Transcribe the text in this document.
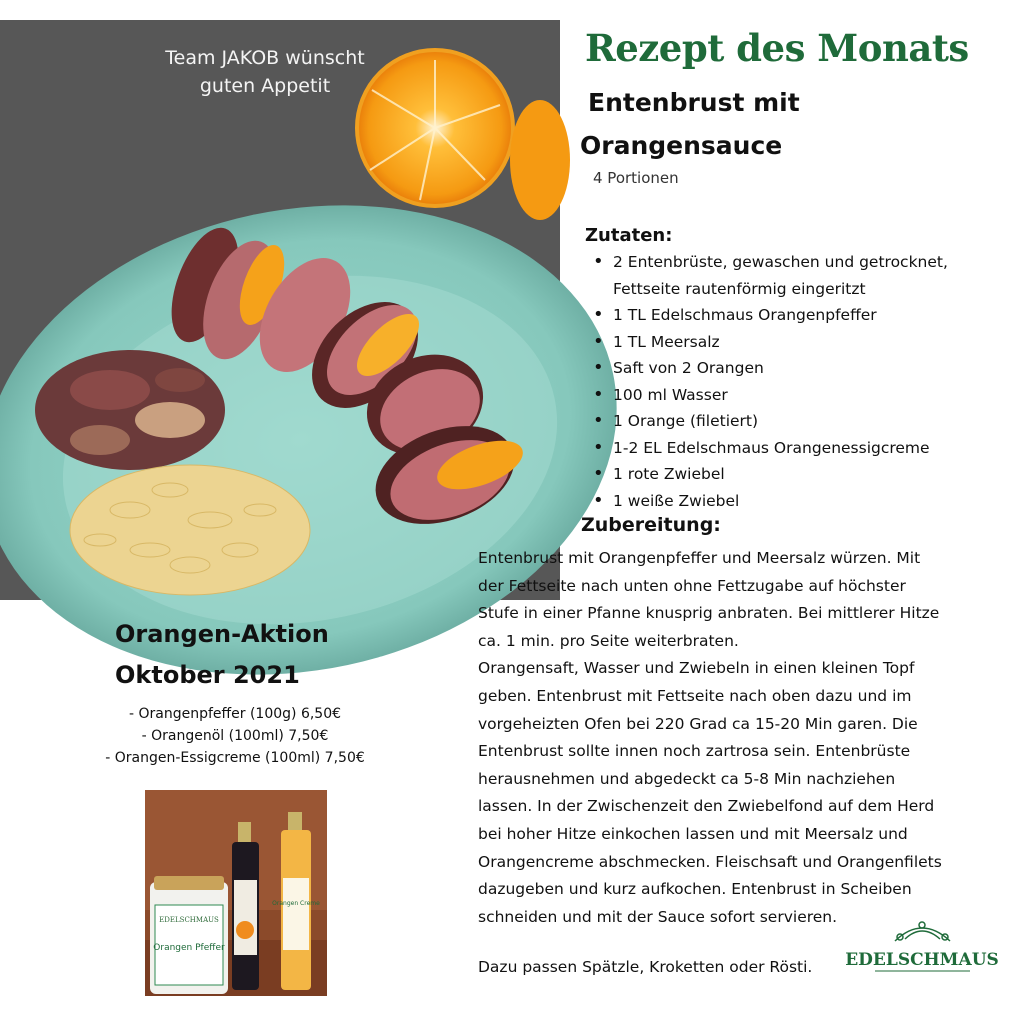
Team JAKOB wünscht
guten Appetit
Rezept des Monats
Entenbrust mit
Orangensauce
4 Portionen
Zutaten:
• 2 Entenbrüste, gewaschen und getrocknet,
Fettseite rautenförmig eingeritzt
• 1 TL Edelschmaus Orangenpfeffer
• 1 TL Meersalz
• Saft von 2 Orangen
• 100 ml Wasser
• 1 Orange (filetiert)
• 1-2 EL Edelschmaus Orangenessigcreme
• 1 rote Zwiebel
• 1 weiße Zwiebel
Zubereitung:

Entenbrust mit Orangenpfeffer und Meersalz würzen. Mit

der Fettseite nach unten ohne Fettzugabe auf höchster

Stufe in einer Pfanne knusprig anbraten. Bei mittlerer Hitze

ca. 1 min. pro Seite weiterbraten.

Orangensaft, Wasser und Zwiebeln in einen kleinen Topf

geben. Entenbrust mit Fettseite nach oben dazu und im

vorgeheizten Ofen bei 220 Grad ca 15-20 Min garen. Die

Entenbrust sollte innen noch zartrosa sein. Entenbrüste

herausnehmen und abgedeckt ca 5-8 Min nachziehen

lassen. In der Zwischenzeit den Zwiebelfond auf dem Herd

bei hoher Hitze einkochen lassen und mit Meersalz und

Orangencreme abschmecken. Fleischsaft und Orangenfilets

dazugeben und kurz aufkochen. Entenbrust in Scheiben

schneiden und mit der Sauce sofort servieren.

Dazu passen Spätzle, Kroketten oder Rösti.
Orangen-Aktion
Oktober 2021
- Orangenpfeffer (100g) 6,50€
- Orangenöl (100ml) 7,50€
- Orangen-Essigcreme (100ml) 7,50€
EDELSCHMAUS
Orangen Pfeffer
Orangen Creme
EDELSCHMAUS
